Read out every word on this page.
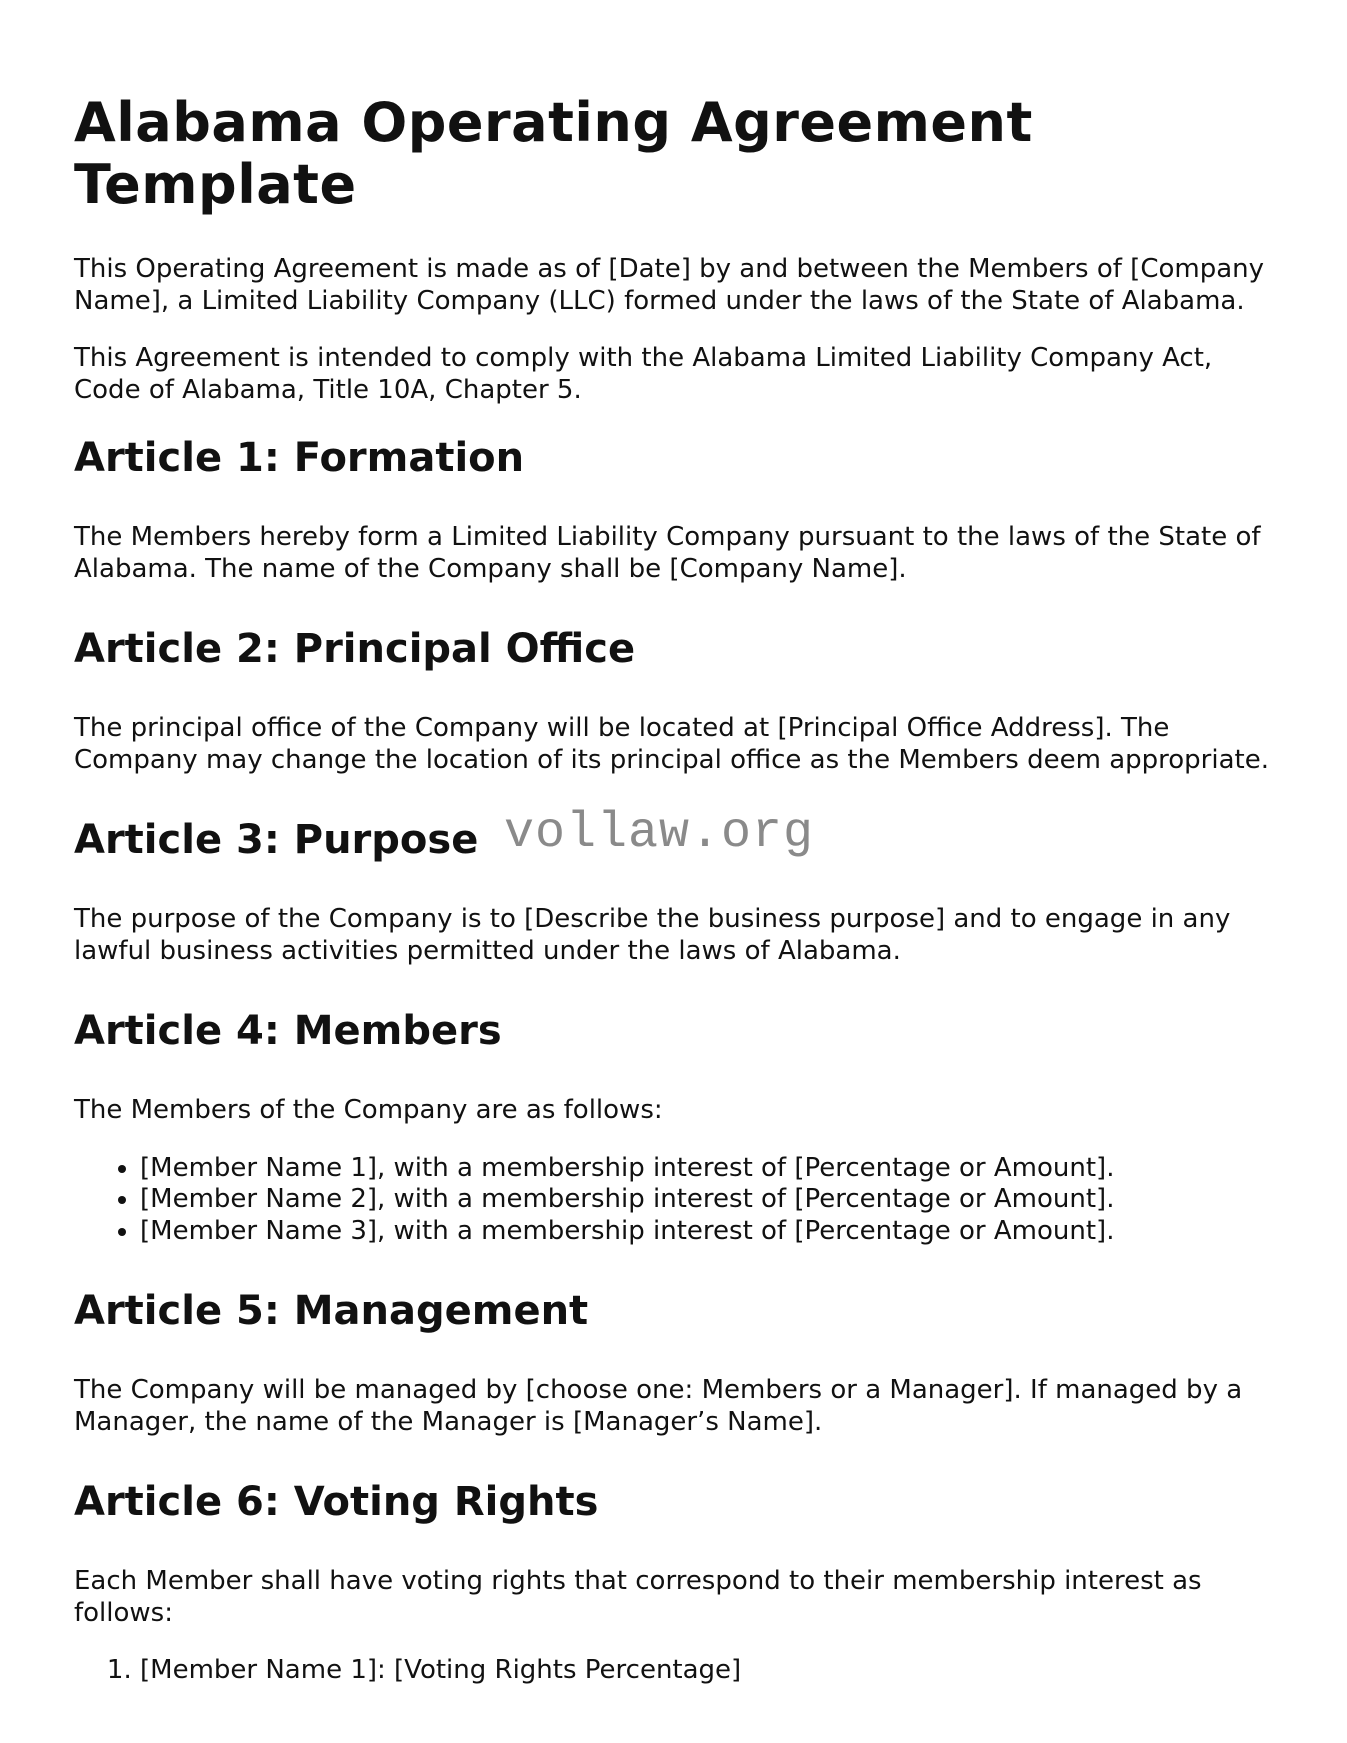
Alabama Operating Agreement Template

This Operating Agreement is made as of [Date] by and between the Members of [Company Name], a Limited Liability Company (LLC) formed under the laws of the State of Alabama.

This Agreement is intended to comply with the Alabama Limited Liability Company Act, Code of Alabama, Title 10A, Chapter 5.

Article 1: Formation

The Members hereby form a Limited Liability Company pursuant to the laws of the State of Alabama. The name of the Company shall be [Company Name].

Article 2: Principal Office

The principal office of the Company will be located at [Principal Office Address]. The Company may change the location of its principal office as the Members deem appropriate.

Article 3: Purpose vollaw.org

The purpose of the Company is to [Describe the business purpose] and to engage in any lawful business activities permitted under the laws of Alabama.

Article 4: Members

The Members of the Company are as follows:

• [Member Name 1], with a membership interest of [Percentage or Amount].
• [Member Name 2], with a membership interest of [Percentage or Amount].
• [Member Name 3], with a membership interest of [Percentage or Amount].
Article 5: Management

The Company will be managed by [choose one: Members or a Manager]. If managed by a Manager, the name of the Manager is [Manager’s Name].

Article 6: Voting Rights

Each Member shall have voting rights that correspond to their membership interest as follows:

1. [Member Name 1]: [Voting Rights Percentage]
